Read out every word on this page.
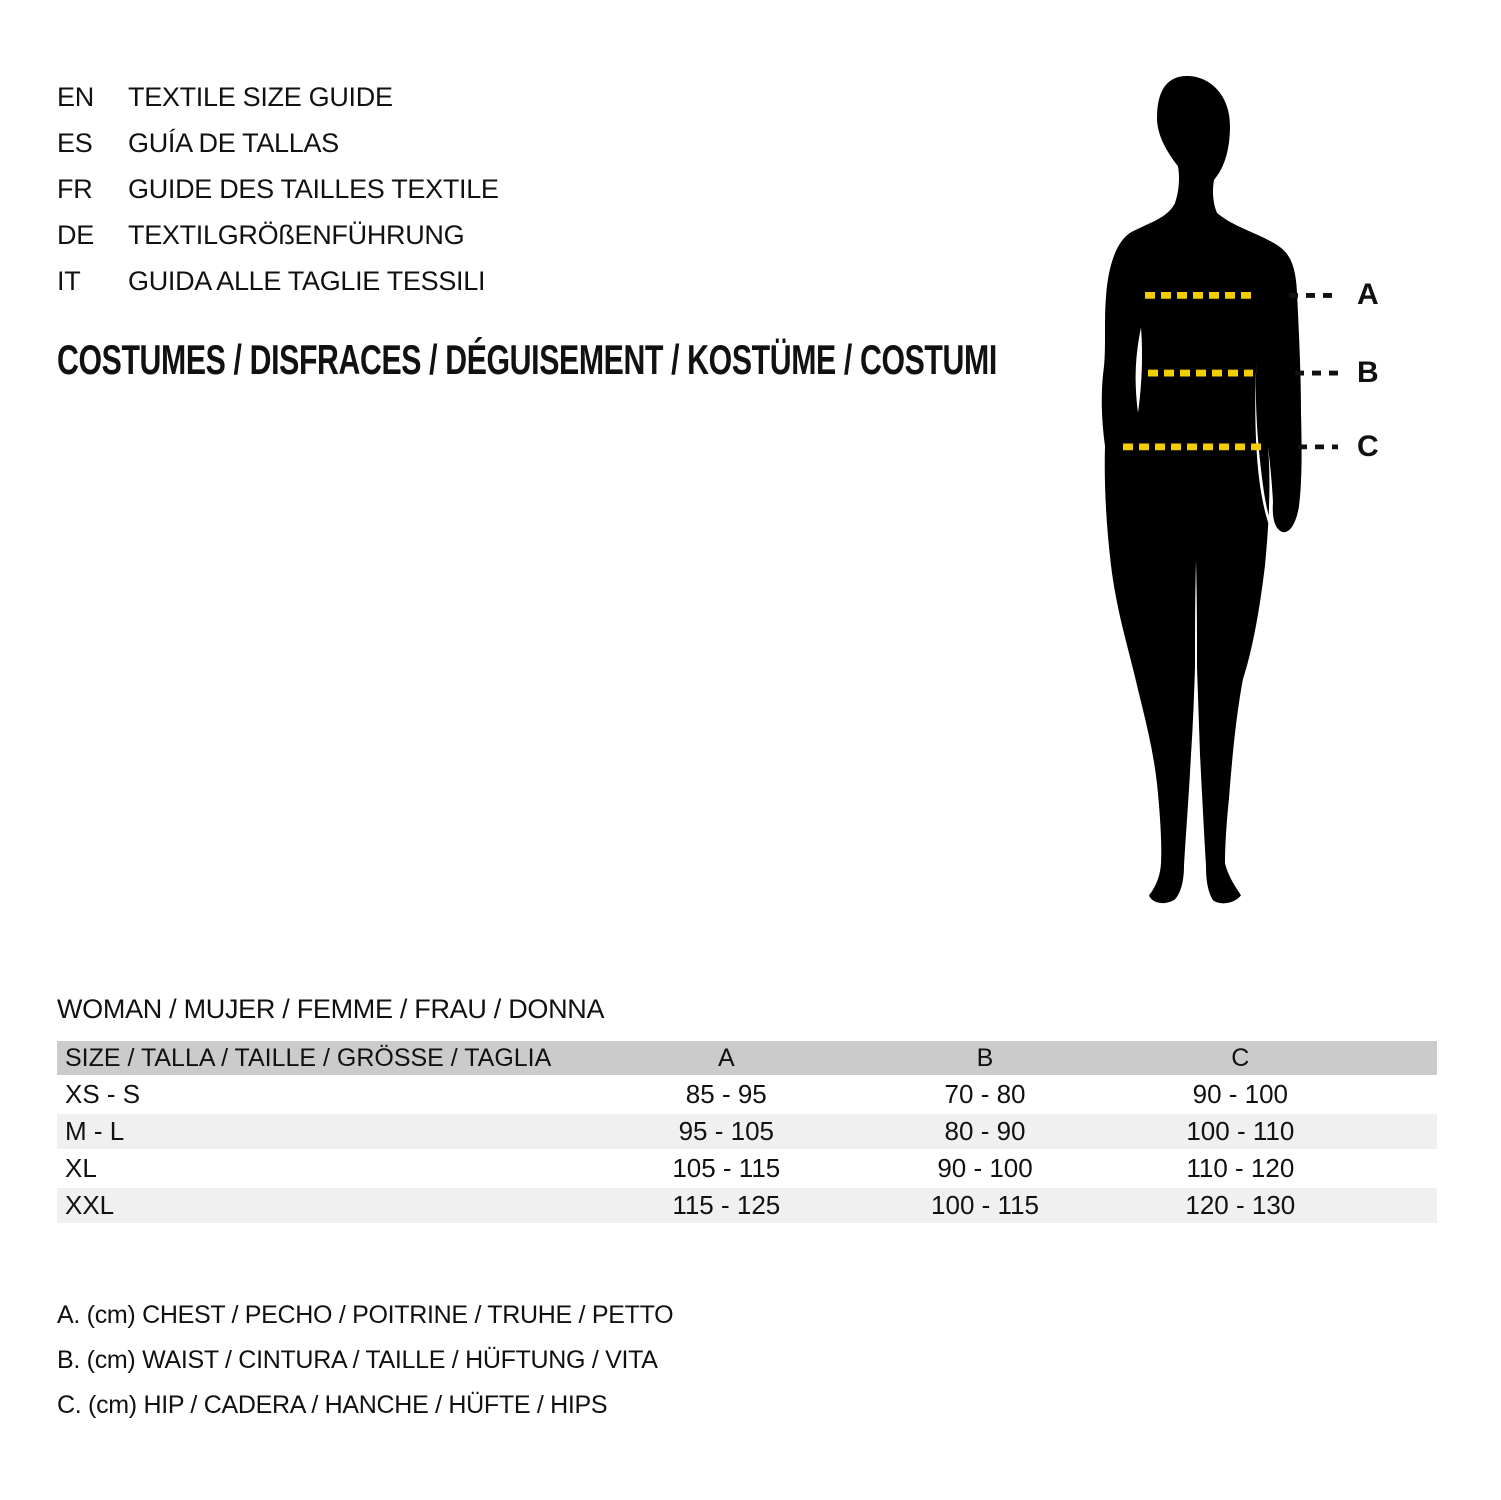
EN TEXTILE SIZE GUIDE
ES GUÍA DE TALLAS
FR GUIDE DES TAILLES TEXTILE
DE TEXTILGRÖßENFÜHRUNG
IT GUIDA ALLE TAGLIE TESSILI
COSTUMES / DISFRACES / DÉGUISEMENT / KOSTÜME / COSTUMI
A
B
C
WOMAN / MUJER / FEMME / FRAU / DONNA
SIZE / TALLA / TAILLE / GRÖSSE / TAGLIA	A	B	C	
XS - S	85 - 95	70 - 80	90 - 100	
M - L	95 - 105	80 - 90	100 - 110	
XL	105 - 115	90 - 100	110 - 120	
XXL	115 - 125	100 - 115	120 - 130	
A. (cm) CHEST / PECHO / POITRINE / TRUHE / PETTO
B. (cm) WAIST / CINTURA / TAILLE / HÜFTUNG / VITA
C. (cm) HIP / CADERA / HANCHE / HÜFTE / HIPS
